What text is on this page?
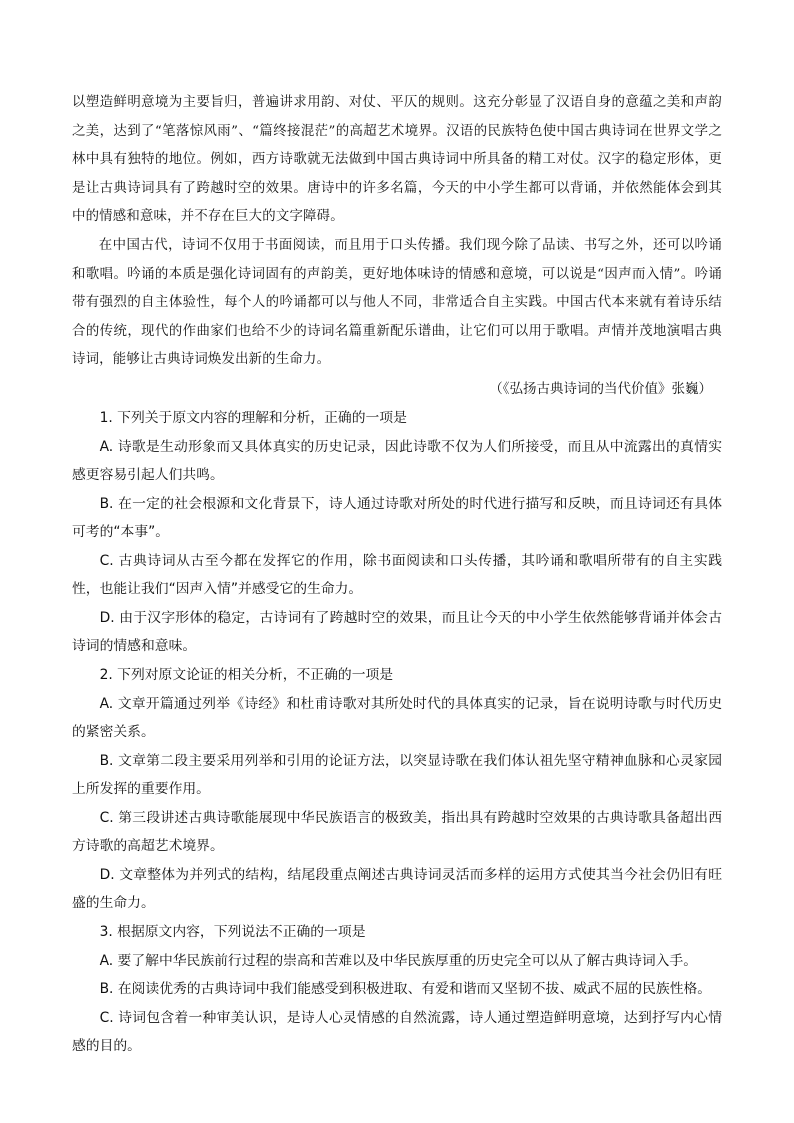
以塑造鲜明意境为主要旨归，普遍讲求用韵、对仗、平仄的规则。这充分彰显了汉语自身的意蕴之美和声韵之美，达到了“笔落惊风雨”、“篇终接混茫”的高超艺术境界。汉语的民族特色使中国古典诗词在世界文学之林中具有独特的地位。例如，西方诗歌就无法做到中国古典诗词中所具备的精工对仗。汉字的稳定形体，更是让古典诗词具有了跨越时空的效果。唐诗中的许多名篇，今天的中小学生都可以背诵，并依然能体会到其中的情感和意味，并不存在巨大的文字障碍。

在中国古代，诗词不仅用于书面阅读，而且用于口头传播。我们现今除了品读、书写之外，还可以吟诵和歌唱。吟诵的本质是强化诗词固有的声韵美，更好地体味诗的情感和意境，可以说是“因声而入情”。吟诵带有强烈的自主体验性，每个人的吟诵都可以与他人不同，非常适合自主实践。中国古代本来就有着诗乐结合的传统，现代的作曲家们也给不少的诗词名篇重新配乐谱曲，让它们可以用于歌唱。声情并茂地演唱古典诗词，能够让古典诗词焕发出新的生命力。

（《弘扬古典诗词的当代价值》张巍）

1. 下列关于原文内容的理解和分析，正确的一项是

A. 诗歌是生动形象而又具体真实的历史记录，因此诗歌不仅为人们所接受，而且从中流露出的真情实感更容易引起人们共鸣。

B. 在一定的社会根源和文化背景下，诗人通过诗歌对所处的时代进行描写和反映，而且诗词还有具体可考的“本事”。

C. 古典诗词从古至今都在发挥它的作用，除书面阅读和口头传播，其吟诵和歌唱所带有的自主实践性，也能让我们“因声入情”并感受它的生命力。

D. 由于汉字形体的稳定，古诗词有了跨越时空的效果，而且让今天的中小学生依然能够背诵并体会古诗词的情感和意味。

2. 下列对原文论证的相关分析，不正确的一项是

A. 文章开篇通过列举《诗经》和杜甫诗歌对其所处时代的具体真实的记录，旨在说明诗歌与时代历史的紧密关系。

B. 文章第二段主要采用列举和引用的论证方法，以突显诗歌在我们体认祖先坚守精神血脉和心灵家园上所发挥的重要作用。

C. 第三段讲述古典诗歌能展现中华民族语言的极致美，指出具有跨越时空效果的古典诗歌具备超出西方诗歌的高超艺术境界。

D. 文章整体为并列式的结构，结尾段重点阐述古典诗词灵活而多样的运用方式使其当今社会仍旧有旺盛的生命力。

3. 根据原文内容，下列说法不正确的一项是

A. 要了解中华民族前行过程的崇高和苦难以及中华民族厚重的历史完全可以从了解古典诗词入手。

B. 在阅读优秀的古典诗词中我们能感受到积极进取、有爱和谐而又坚韧不拔、威武不屈的民族性格。

C. 诗词包含着一种审美认识，是诗人心灵情感的自然流露，诗人通过塑造鲜明意境，达到抒写内心情感的目的。
